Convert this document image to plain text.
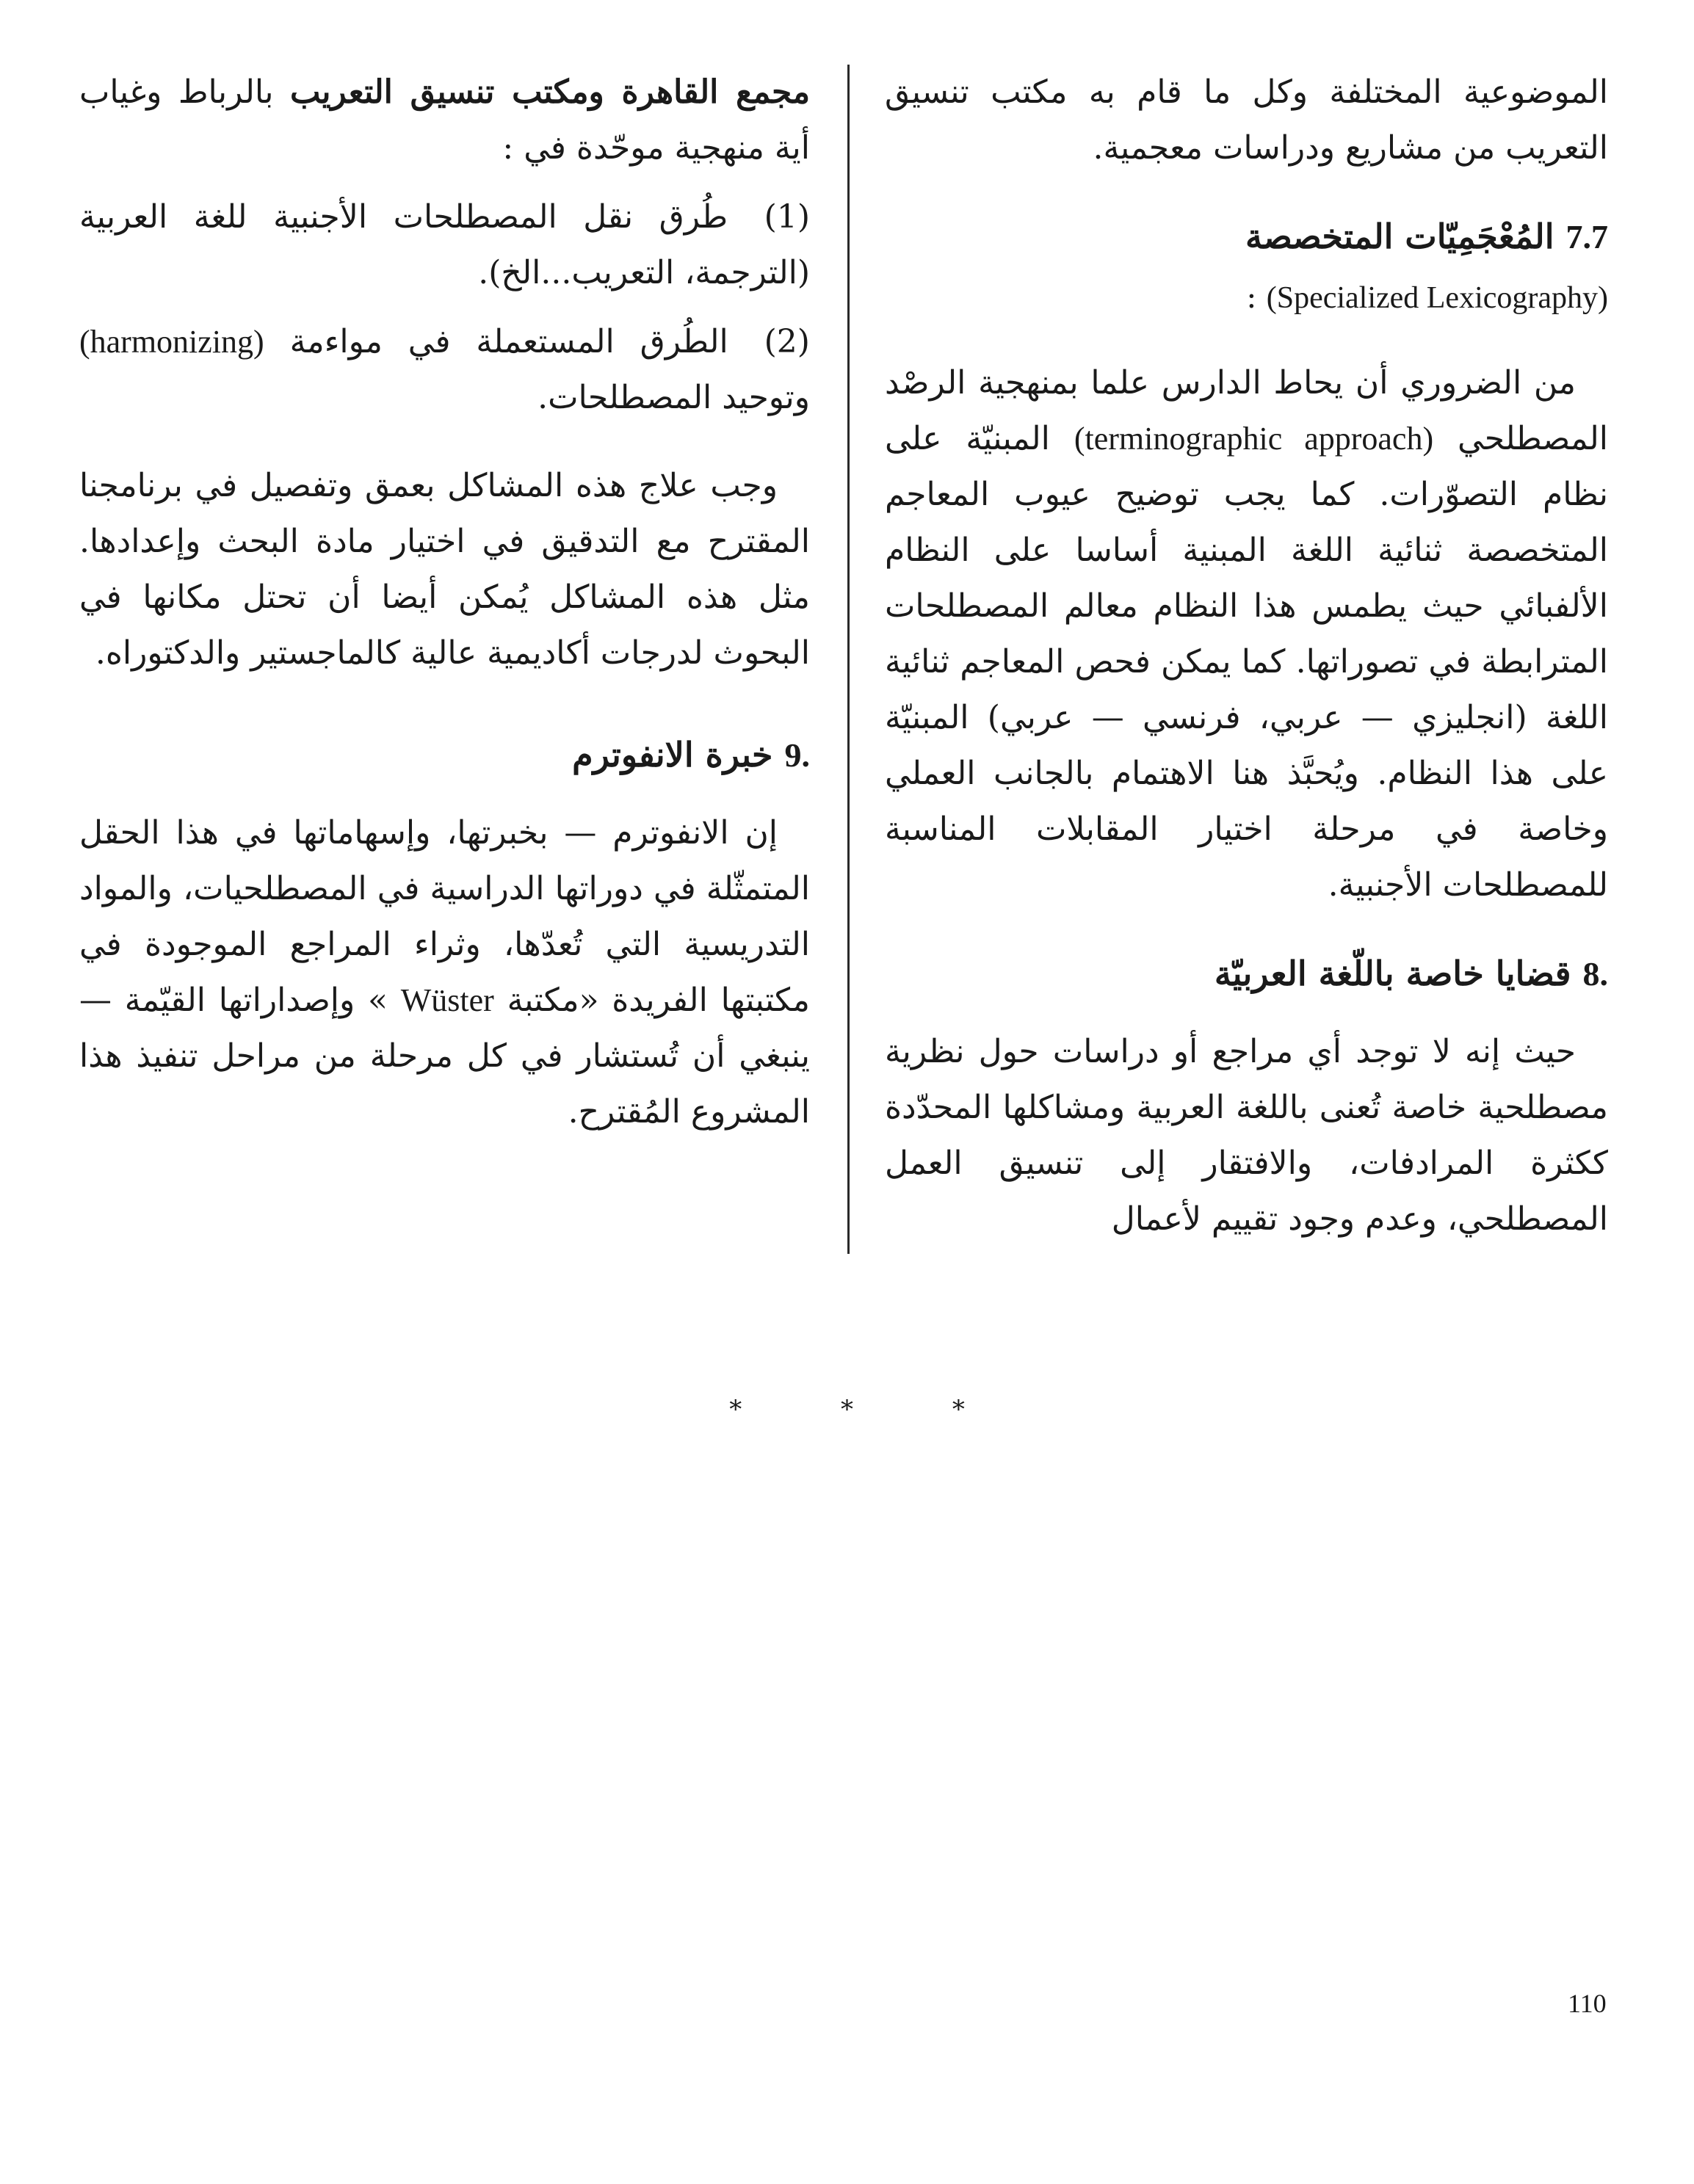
الموضوعية المختلفة وكل ما قام به مكتب تنسيق التعريب من مشاريع ودراسات معجمية.

7.7 المُعْجَمِيّات المتخصصة

(Specialized Lexicography) :

من الضروري أن يحاط الدارس علما بمنهجية الرصْد المصطلحي (terminographic approach) المبنيّة على نظام التصوّرات. كما يجب توضيح عيوب المعاجم المتخصصة ثنائية اللغة المبنية أساسا على النظام الألفبائي حيث يطمس هذا النظام معالم المصطلحات المترابطة في تصوراتها. كما يمكن فحص المعاجم ثنائية اللغة (انجليزي — عربي، فرنسي — عربي) المبنيّة على هذا النظام. ويُحبَّذ هنا الاهتمام بالجانب العملي وخاصة في مرحلة اختيار المقابلات المناسبة للمصطلحات الأجنبية.

8. قضايا خاصة باللّغة العربيّة

حيث إنه لا توجد أي مراجع أو دراسات حول نظرية مصطلحية خاصة تُعنى باللغة العربية ومشاكلها المحدّدة ككثرة المرادفات، والافتقار إلى تنسيق العمل المصطلحي، وعدم وجود تقييم لأعمال

مجمع القاهرة ومكتب تنسيق التعريب بالرباط وغياب أية منهجية موحّدة في :

(1) طُرق نقل المصطلحات الأجنبية للغة العربية (الترجمة، التعريب...الخ).

(2) الطُرق المستعملة في مواءمة (harmonizing) وتوحيد المصطلحات.

وجب علاج هذه المشاكل بعمق وتفصيل في برنامجنا المقترح مع التدقيق في اختيار مادة البحث وإعدادها. مثل هذه المشاكل يُمكن أيضا أن تحتل مكانها في البحوث لدرجات أكاديمية عالية كالماجستير والدكتوراه.

9. خبرة الانفوترم

إن الانفوترم — بخبرتها، وإسهاماتها في هذا الحقل المتمثّلة في دوراتها الدراسية في المصطلحيات، والمواد التدريسية التي تُعدّها، وثراء المراجع الموجودة في مكتبتها الفريدة «مكتبة Wüster » وإصداراتها القيّمة — ينبغي أن تُستشار في كل مرحلة من مراحل تنفيذ هذا المشروع المُقترح.

*	*	*
110
